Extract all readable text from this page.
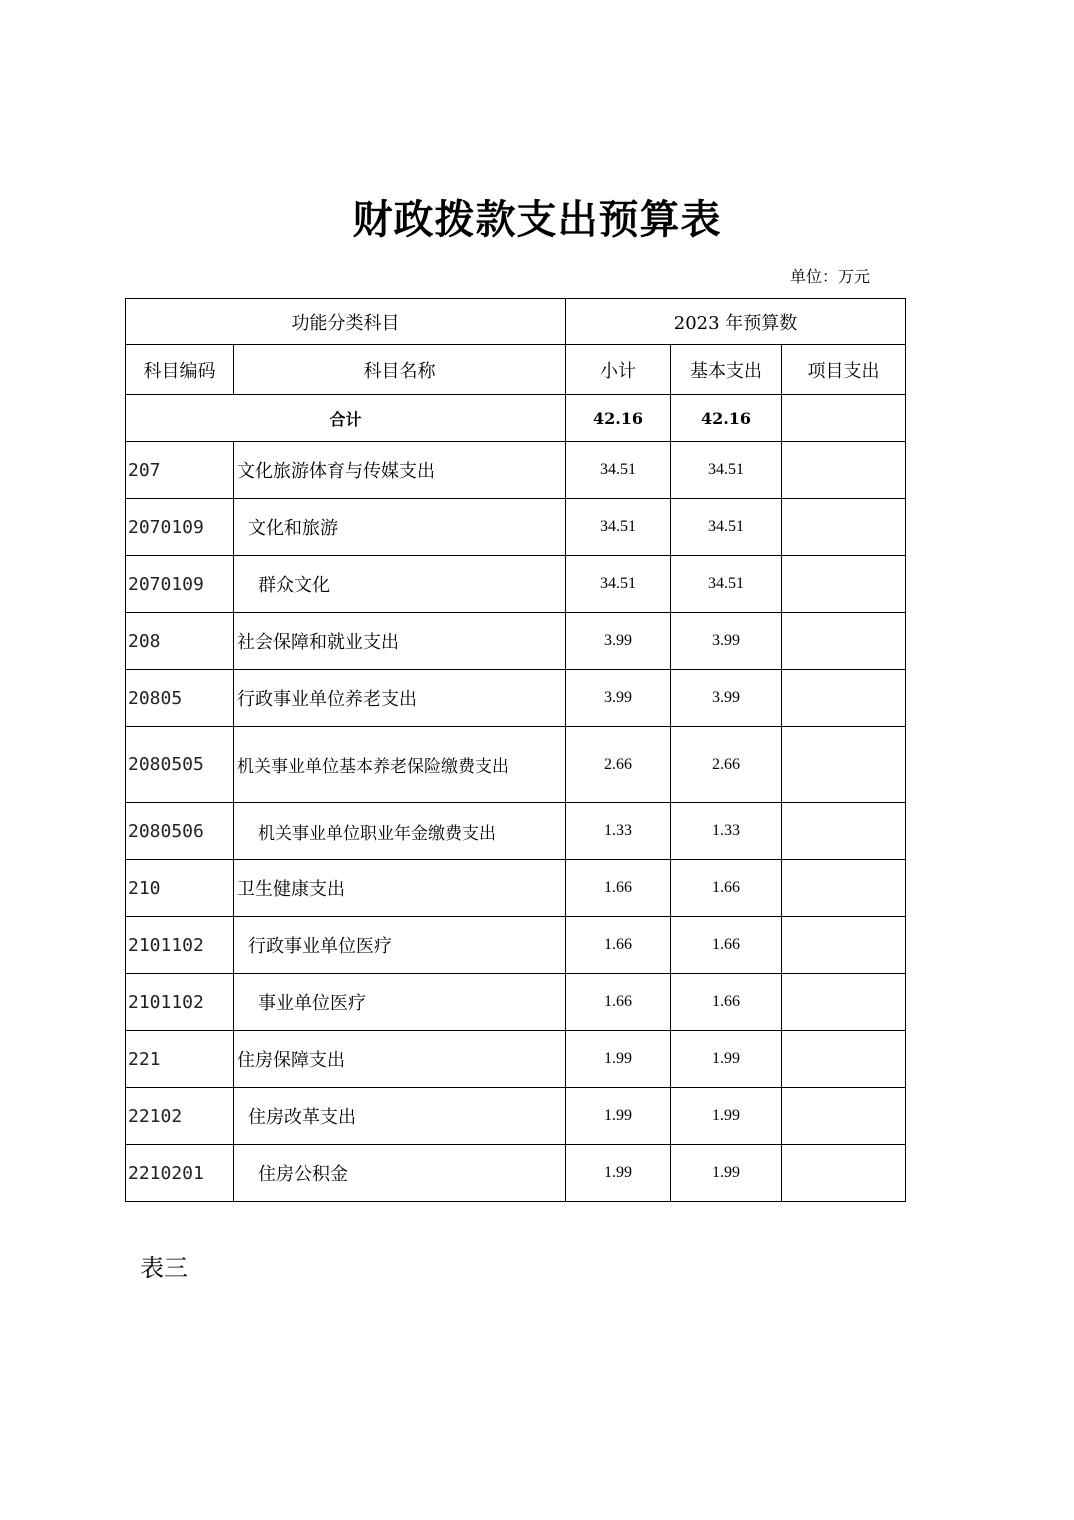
财政拨款支出预算表
单位：万元
功能分类科目		2023 年预算数		
科目编码	科目名称	小计	基本支出	项目支出
合计		42.16	42.16	
207	文化旅游体育与传媒支出	34.51	34.51	
2070109	文化和旅游	34.51	34.51	
2070109	群众文化	34.51	34.51	
208	社会保障和就业支出	3.99	3.99	
20805	行政事业单位养老支出	3.99	3.99	
2080505	机关事业单位基本养老保险缴费支出	2.66	2.66	
2080506	机关事业单位职业年金缴费支出	1.33	1.33	
210	卫生健康支出	1.66	1.66	
2101102	行政事业单位医疗	1.66	1.66	
2101102	事业单位医疗	1.66	1.66	
221	住房保障支出	1.99	1.99	
22102	住房改革支出	1.99	1.99	
2210201	住房公积金	1.99	1.99	
表三
